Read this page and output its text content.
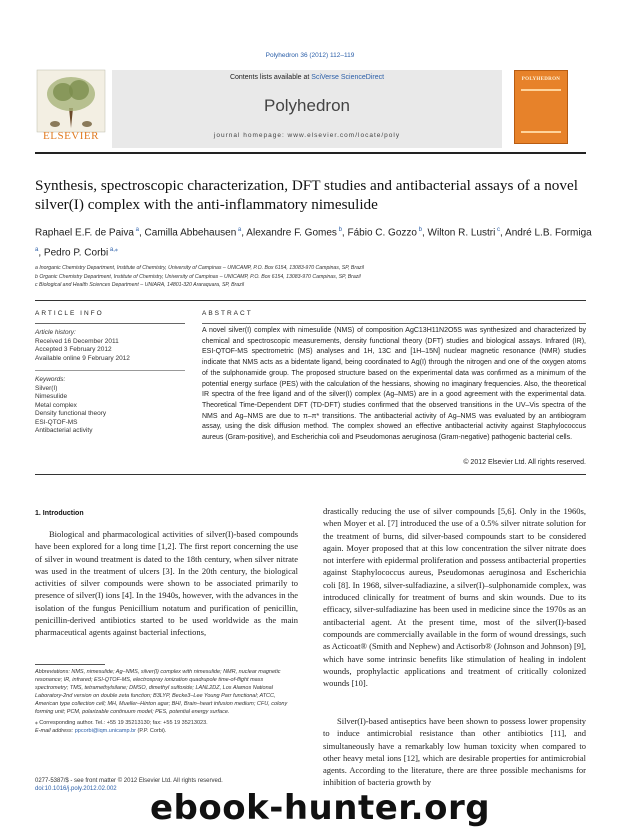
Polyhedron 36 (2012) 112–119
ELSEVIER
Contents lists available at SciVerse ScienceDirect
Polyhedron
journal homepage: www.elsevier.com/locate/poly
POLYHEDRON
Synthesis, spectroscopic characterization, DFT studies and antibacterial assays of a novel silver(I) complex with the anti-inflammatory nimesulide
Raphael E.F. de Paiva $^a$, Camilla Abbehausen $^a$, Alexandre F. Gomes $^b$, Fábio C. Gozzo $^b$, Wilton R. Lustri $^c$, André L.B. Formiga $^a$, Pedro P. Corbi $^{a,⁎}$
a Inorganic Chemistry Department, Institute of Chemistry, University of Campinas – UNICAMP, P.O. Box 6154, 13083-970 Campinas, SP, Brazil
b Organic Chemistry Department, Institute of Chemistry, University of Campinas – UNICAMP, P.O. Box 6154, 13083-970 Campinas, SP, Brazil
c Biological and Health Sciences Department – UNIARA, 14801-320 Araraquara, SP, Brazil
ARTICLE INFO
Article history:
Received 16 December 2011
Accepted 3 February 2012
Available online 9 February 2012
Keywords:
Silver(I)
Nimesulide
Metal complex
Density functional theory
ESI-QTOF-MS
Antibacterial activity
ABSTRACT
A novel silver(I) complex with nimesulide (NMS) of composition AgC13H11N2O5S was synthesized and characterized by chemical and spectroscopic measurements, density functional theory (DFT) studies and biological assays. Infrared (IR), ESI-QTOF-MS spectrometric (MS) analyses and 1H, 13C and [1H–15N] nuclear magnetic resonance (NMR) studies indicate that NMS acts as a bidentate ligand, being coordinated to Ag(I) through the nitrogen and one of the oxygen atoms of the sulphonamide group. The proposed structure based on the experimental data was confirmed as a minimum of the potential energy surface (PES) with the calculation of the hessians, showing no imaginary frequencies. Also, the theoretical IR spectra of the free ligand and of the silver(I) complex (Ag–NMS) are in a good agreement with the experimental data. Theoretical Time-Dependent DFT (TD-DFT) studies confirmed that the observed transitions in the UV–Vis spectra of the NMS and Ag–NMS are due to π–π* transitions. The antibacterial activity of Ag–NMS was evaluated by an antibiogram assay, using the disk diffusion method. The complex showed an effective antibacterial activity against Staphylococcus aureus (Gram-positive), and Escherichia coli and Pseudomonas aeruginosa (Gram-negative) pathogenic bacterial cells.
© 2012 Elsevier Ltd. All rights reserved.
1. Introduction
Biological and pharmacological activities of silver(I)-based compounds have been explored for a long time [1,2]. The first report concerning the use of silver in wound treatment is dated to the 18th century, when silver nitrate was used in the treatment of ulcers [3]. In the 20th century, the biological activities of silver compounds were shown to be associated primarily to presence of silver(I) ions [4]. In the 1940s, however, with the advances in the isolation of the fungus Penicillium notatum and purification of penicillin, penicillin-derived antibiotics started to be used worldwide as the main pharmaceutical agents against bacterial infections,
Abbreviations: NMS, nimesulide; Ag–NMS, silver(I) complex with nimesulide; NMR, nuclear magnetic resonance; IR, infrared; ESI-QTOF-MS, electrospray ionization quadrupole time-of-flight mass spectrometry; TMS, tetramethylsilane; DMSO, dimethyl sulfoxide; LANL2DZ, Los Alamos National Laboratory-2nd version on double zeta function; B3LYP, Becke3–Lee Young Parr functional; ATCC, American type collection cell; MH, Mueller–Hinton agar; BHI, Brain–heart infusion medium; CFU, colony forming unit; PCM, polarizable continuum model; PES, potential energy surface.
⁎ Corresponding author. Tel.: +55 19 35213130; fax: +55 19 35213023.
E-mail address: ppcorbi@iqm.unicamp.br (P.P. Corbi).
drastically reducing the use of silver compounds [5,6]. Only in the 1960s, when Moyer et al. [7] introduced the use of a 0.5% silver nitrate solution for the treatment of burns, did silver-based compounds start to be considered again. Moyer proposed that at this low concentration the silver nitrate does not interfere with epidermal proliferation and possess antibacterial properties against Staphylococcus aureus, Pseudomonas aeruginosa and Escherichia coli [8]. In 1968, silver-sulfadiazine, a silver(I)–sulphonamide complex, was introduced clinically for treatment of burns and skin wounds. Due to its efficacy, silver-sulfadiazine has been used in medicine since the 1970s as an antibacterial agent. At the present time, most of the silver(I)-based compounds are commercially available in the form of wound dressings, such as Acticoat® (Smith and Nephew) and Actisorb® (Johnson and Johnson) [9], which have some intrinsic benefits like stimulation of healing in indolent wounds, prophylactic applications and treatment of critically colonized wounds [10].
Silver(I)-based antiseptics have been shown to possess lower propensity to induce antimicrobial resistance than other antibiotics [11], and simultaneously have a remarkably low human toxicity when compared to other heavy metal ions [12], which are desirable properties for antimicrobial agents. According to the literature, there are three possible mechanisms for inhibition of bacteria growth by
0277-5387/$ - see front matter © 2012 Elsevier Ltd. All rights reserved.
doi:10.1016/j.poly.2012.02.002 ebook-hunter.org
